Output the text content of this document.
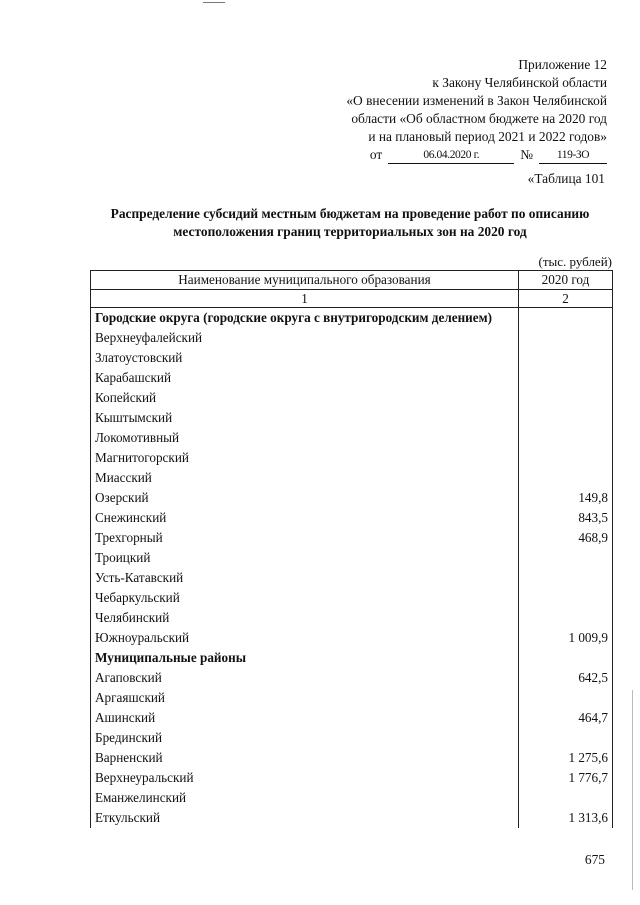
Приложение 12
к Закону Челябинской области
«О внесении изменений в Закон Челябинской
области «Об областном бюджете на 2020 год
и на плановый период 2021 и 2022 годов»
от	06.04.2020 г.	№	119-ЗО
«Таблица 101
Распределение субсидий местным бюджетам на проведение работ по описанию
местоположения границ территориальных зон на 2020 год
(тыс. рублей)
Наименование муниципального образования	2020 год
1	2
Городские округа (городские округа с внутригородским делением)	
Верхнеуфалейский	
Златоустовский	
Карабашский	
Копейский	
Кыштымский	
Локомотивный	
Магнитогорский	
Миасский	
Озерский	149,8
Снежинский	843,5
Трехгорный	468,9
Троицкий	
Усть-Катавский	
Чебаркульский	
Челябинский	
Южноуральский	1 009,9
Муниципальные районы	
Агаповский	642,5
Аргаяшский	
Ашинский	464,7
Брединский	
Варненский	1 275,6
Верхнеуральский	1 776,7
Еманжелинский	
Еткульский	1 313,6
675
